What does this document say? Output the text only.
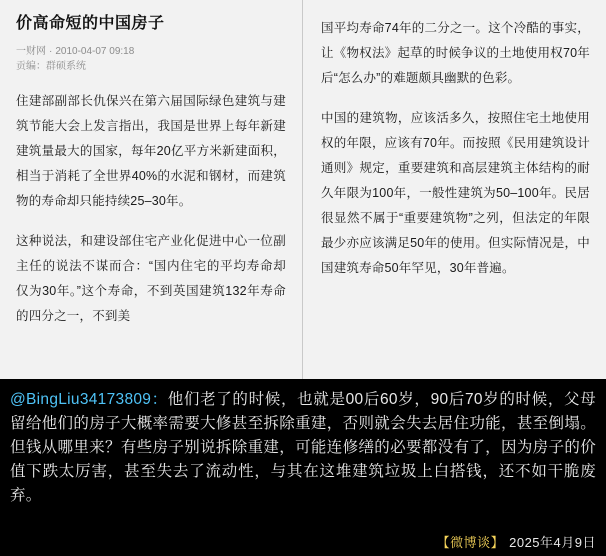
价高命短的中国房子

一财网 · 2010-04-07 09:18

贡编：群硕系统

住建部副部长仇保兴在第六届国际绿色建筑与建筑节能大会上发言指出，我国是世界上每年新建建筑量最大的国家，每年20亿平方米新建面积，相当于消耗了全世界40%的水泥和钢材，而建筑物的寿命却只能持续25–30年。

这种说法，和建设部住宅产业化促进中心一位副主任的说法不谋而合：“国内住宅的平均寿命却仅为30年。”这个寿命，不到英国建筑132年寿命的四分之一，不到美

国平均寿命74年的二分之一。这个冷酷的事实，让《物权法》起草的时候争议的土地使用权70年后“怎么办”的难题颇具幽默的色彩。

中国的建筑物，应该活多久，按照住宅土地使用权的年限，应该有70年。而按照《民用建筑设计通则》规定，重要建筑和高层建筑主体结构的耐久年限为100年，一般性建筑为50–100年。民居很显然不属于“重要建筑物”之列，但法定的年限最少亦应该满足50年的使用。但实际情况是，中国建筑寿命50年罕见，30年普遍。

@BingLiu34173809：他们老了的时候，也就是00后60岁，90后70岁的时候，父母留给他们的房子大概率需要大修甚至拆除重建，否则就会失去居住功能，甚至倒塌。但钱从哪里来？有些房子别说拆除重建，可能连修缮的必要都没有了，因为房子的价值下跌太厉害，甚至失去了流动性，与其在这堆建筑垃圾上白搭钱，还不如干脆废弃。

【微博谈】 2025年4月9日
